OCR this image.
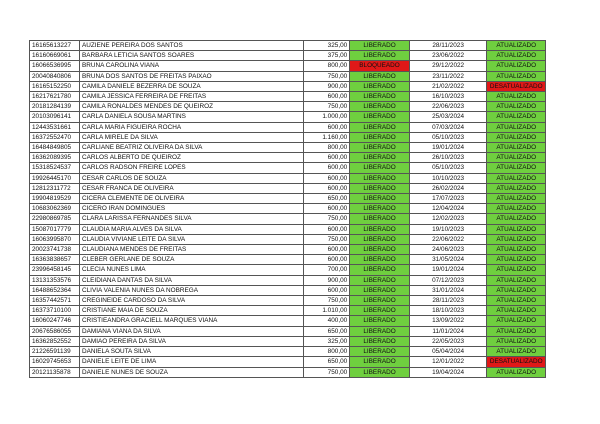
16165613227	AUZIENE PEREIRA DOS SANTOS	325,00	LIBERADO	28/11/2023	ATUALIZADO
16160669061	BARBARA LETICIA SANTOS SOARES	375,00	LIBERADO	23/06/2022	ATUALIZADO
16066536995	BRUNA CAROLINA VIANA	800,00	BLOQUEADO	29/12/2022	ATUALIZADO
20040840806	BRUNA DOS SANTOS DE FREITAS PAIXAO	750,00	LIBERADO	23/11/2022	ATUALIZADO
16165152250	CAMILA DANIELE BEZERRA DE SOUZA	900,00	LIBERADO	21/02/2022	DESATUALIZADO
16217621780	CAMILA JESSICA FERREIRA DE FREITAS	600,00	LIBERADO	16/10/2023	ATUALIZADO
20181284139	CAMILA RONALDES MENDES DE QUEIROZ	750,00	LIBERADO	22/06/2023	ATUALIZADO
20103096141	CARLA DANIELA SOUSA MARTINS	1.000,00	LIBERADO	25/03/2024	ATUALIZADO
12443531661	CARLA MARIA FIGUEIRA ROCHA	600,00	LIBERADO	07/03/2024	ATUALIZADO
16372552470	CARLA MIRELE DA SILVA	1.160,00	LIBERADO	05/10/2023	ATUALIZADO
16484849805	CARLIANE BEATRIZ OLIVEIRA DA SILVA	800,00	LIBERADO	19/01/2024	ATUALIZADO
16362089395	CARLOS ALBERTO DE QUEIROZ	600,00	LIBERADO	26/10/2023	ATUALIZADO
15318524537	CARLOS RADSON FREIRE LOPES	600,00	LIBERADO	05/10/2023	ATUALIZADO
19926445170	CESAR CARLOS DE SOUZA	600,00	LIBERADO	10/10/2023	ATUALIZADO
12812311772	CESAR FRANCA DE OLIVEIRA	600,00	LIBERADO	26/02/2024	ATUALIZADO
19904819529	CICERA CLEMENTE DE OLIVEIRA	650,00	LIBERADO	17/07/2023	ATUALIZADO
10683062369	CICERO IRAN DOMINGUES	600,00	LIBERADO	12/04/2024	ATUALIZADO
22980869785	CLARA LARISSA FERNANDES SILVA	750,00	LIBERADO	12/02/2023	ATUALIZADO
15087017779	CLAUDIA MARIA ALVES DA SILVA	600,00	LIBERADO	19/10/2023	ATUALIZADO
16063995870	CLAUDIA VIVIANE LEITE DA SILVA	750,00	LIBERADO	22/06/2022	ATUALIZADO
20023741738	CLAUDIANA MENDES DE FREITAS	600,00	LIBERADO	24/06/2023	ATUALIZADO
16363838657	CLEBER GERLANE DE SOUZA	600,00	LIBERADO	31/05/2024	ATUALIZADO
23996458145	CLECIA NUNES LIMA	700,00	LIBERADO	19/01/2024	ATUALIZADO
13131353576	CLEIDIANA DANTAS DA SILVA	900,00	LIBERADO	07/12/2023	ATUALIZADO
16488652364	CLIVIA VALENIA NUNES DA NOBREGA	600,00	LIBERADO	31/01/2024	ATUALIZADO
16357442571	CREGINEIDE CARDOSO DA SILVA	750,00	LIBERADO	28/11/2023	ATUALIZADO
16373710100	CRISTIANE MAIA DE SOUZA	1.010,00	LIBERADO	18/10/2023	ATUALIZADO
16060247746	CRISTIEANDRA GRACIELL MARQUES VIANA	400,00	LIBERADO	13/09/2022	ATUALIZADO
20676586055	DAMIANA VIANA DA SILVA	650,00	LIBERADO	11/01/2024	ATUALIZADO
16362852552	DAMIAO PEREIRA DA SILVA	325,00	LIBERADO	22/05/2023	ATUALIZADO
21226591139	DANIELA SOUTA SILVA	800,00	LIBERADO	05/04/2024	ATUALIZADO
16029745653	DANIELE LEITE DE LIMA	650,00	LIBERADO	12/01/2022	DESATUALIZADO
20121135878	DANIELE NUNES DE SOUZA	750,00	LIBERADO	19/04/2024	ATUALIZADO
